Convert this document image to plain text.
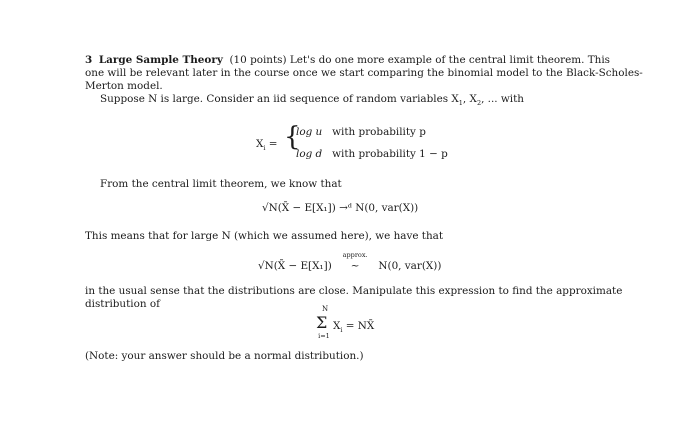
3 Large Sample Theory (10 points) Let's do one more example of the central limit theorem. This
one will be relevant later in the course once we start comparing the binomial model to the Black-Scholes-
Merton model.
Suppose N is large. Consider an iid sequence of random variables $X_1$, $X_2$, ... with
$X_i$ = {
log u with probability p
log d with probability 1 − p
From the central limit theorem, we know that
√N(X̄ − E[X₁]) →ᵈ N(0, var(X))
This means that for large N (which we assumed here), we have that
√N(X̄ − E[X₁])
approx.
~ N(0, var(X))
in the usual sense that the distributions are close. Manipulate this expression to find the approximate
distribution of	N
Σ
i=1
$X_i$ = NX̄
(Note: your answer should be a normal distribution.)
